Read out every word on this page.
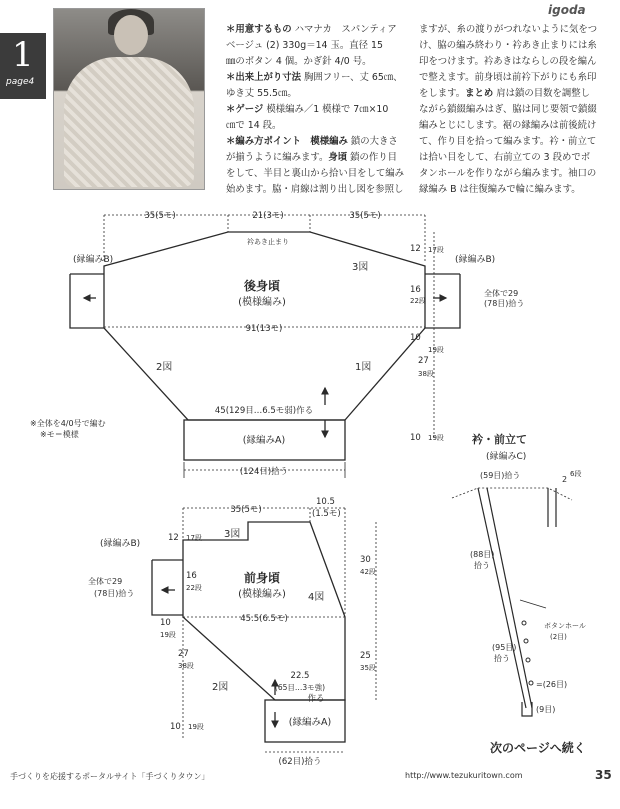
igoda
1
page4
＊用意するもの ハマナカ　スパンティア
ベージュ (2) 330g＝14 玉。直径 15
㎜のボタン 4 個。かぎ針 4/0 号。
＊出来上がり寸法 胸囲フリー、丈 65㎝、
ゆき丈 55.5㎝。
＊ゲージ 模様編み／1 模様で 7㎝×10
㎝で 14 段。
＊編み方ポイント　模様編み 鎖の大きさ
が揃うように編みます。身頃 鎖の作り目
をして、半目と裏山から拾い目をして編み
始めます。脇・肩線は割り出し図を参照し
ますが、糸の渡りがつれないように気をつ
け、脇の編み終わり・衿あき止まりには糸
印をつけます。衿あきはならしの段を編ん
で整えます。前身頃は前衿下がりにも糸印
をします。まとめ 肩は鎖の目数を調整し
ながら鎖綴編みはぎ、脇は同じ要領で鎖綴
編みとじにします。裾の縁編みは前後続け
て、作り目を拾って編みます。衿・前立て
は拾い目をして、右前立ての 3 段めでボ
タンホールを作りながら編みます。袖口の
縁編み B は往復編みで輪に編みます。
35(5モ)	21(3モ)	35(5モ)
衿あき止まり
後身頃
(模様編み)
(縁編みB)	(縁編みB)
3図
2図	1図
91(13モ)
45(129目…6.5モ弱)作る
(縁編みA)
(124目)拾う
12 17段
16
22段
10
19段
27
38段
10 19段
全体で29
(78目)拾う
※全体を4/0号で編む
※モ＝模様
35(5モ)
10.5
(1.5モ)
(縁編みB)
全体で29
(78目)拾う
3図
4図
2図
前身頃
(模様編み)
45.5(6.5モ)
12 17段
16
22段
10
19段
27
38段
10 19段
30
42段
25
35段
22.5
(65目…3モ強)
作る
(縁編みA)
(62目)拾う
衿・前立て
(縁編みC)
(59目)拾う	2
6段
(88目)
拾う
ボタンホール
(2目)
(95目)
拾う
=(26目)
(9目)
次のページへ続く
手づくりを応援するポータルサイト「手づくりタウン」	http://www.tezukuritown.com	35
